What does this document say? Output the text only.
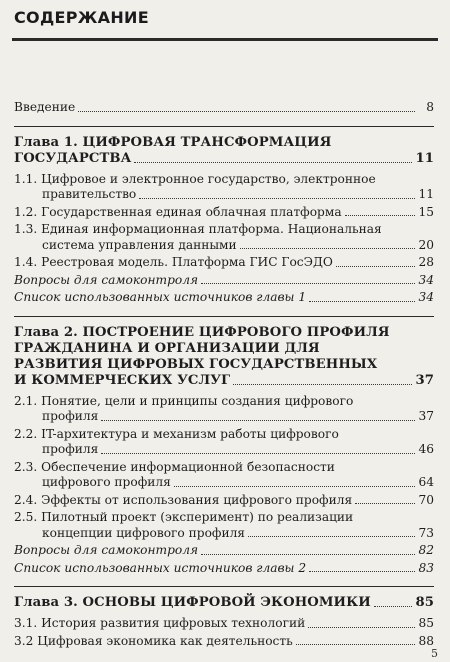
СОДЕРЖАНИЕ
Введение	8
Глава 1. ЦИФРОВАЯ ТРАНСФОРМАЦИЯ
ГОСУДАРСТВА	11
1.1. Цифровое и электронное государство, электронное
правительство	11
1.2. Государственная единая облачная платформа	15
1.3. Единая информационная платформа. Национальная
система управления данными	20
1.4. Реестровая модель. Платформа ГИС ГосЭДО	28
Вопросы для самоконтроля	34
Список использованных источников главы 1	34
Глава 2. ПОСТРОЕНИЕ ЦИФРОВОГО ПРОФИЛЯ
ГРАЖДАНИНА И ОРГАНИЗАЦИИ ДЛЯ
РАЗВИТИЯ ЦИФРОВЫХ ГОСУДАРСТВЕННЫХ
И КОММЕРЧЕСКИХ УСЛУГ	37
2.1. Понятие, цели и принципы создания цифрового
профиля	37
2.2. IT-архитектура и механизм работы цифрового
профиля	46
2.3. Обеспечение информационной безопасности
цифрового профиля	64
2.4. Эффекты от использования цифрового профиля	70
2.5. Пилотный проект (эксперимент) по реализации
концепции цифрового профиля	73
Вопросы для самоконтроля	82
Список использованных источников главы 2	83
Глава 3. ОСНОВЫ ЦИФРОВОЙ ЭКОНОМИКИ	85
3.1. История развития цифровых технологий	85
3.2 Цифровая экономика как деятельность	88
5
